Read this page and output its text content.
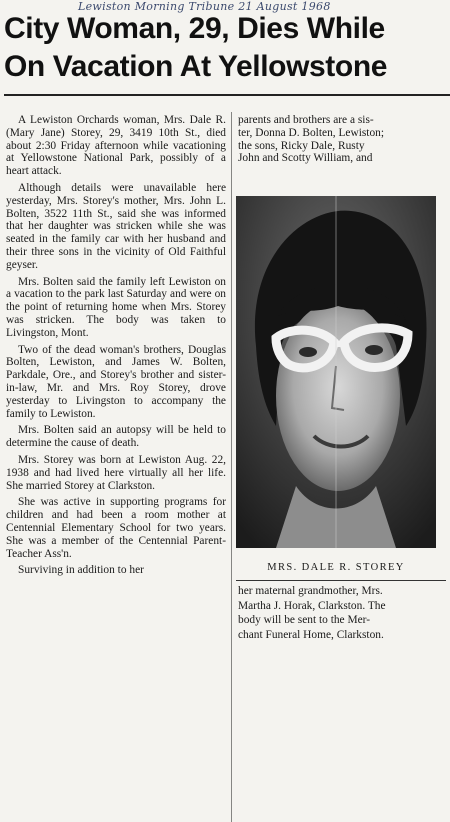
Lewiston Morning Tribune 21 August 1968
City Woman, 29, Dies While
On Vacation At Yellowstone

A Lewiston Orchards woman, Mrs. Dale R. (Mary Jane) Storey, 29, 3419 10th St., died about 2:30 Friday afternoon while vacationing at Yellowstone National Park, possibly of a heart attack.

Although details were unavailable here yesterday, Mrs. Storey's mother, Mrs. John L. Bolten, 3522 11th St., said she was informed that her daughter was stricken while she was seated in the family car with her husband and their three sons in the vicinity of Old Faithful geyser.

Mrs. Bolten said the family left Lewiston on a vacation to the park last Saturday and were on the point of returning home when Mrs. Storey was stricken. The body was taken to Livingston, Mont.

Two of the dead woman's brothers, Douglas Bolten, Lewiston, and James W. Bolten, Parkdale, Ore., and Storey's brother and sister-in-law, Mr. and Mrs. Roy Storey, drove yesterday to Livingston to accompany the family to Lewiston.

Mrs. Bolten said an autopsy will be held to determine the cause of death.

Mrs. Storey was born at Lewiston Aug. 22, 1938 and had lived here virtually all her life. She married Storey at Clarkston.

She was active in supporting programs for children and had been a room mother at Centennial Elementary School for two years. She was a member of the Centennial Parent-Teacher Ass'n.

Surviving in addition to her

parents and brothers are a sis-
ter, Donna D. Bolten, Lewiston;
the sons, Ricky Dale, Rusty
John and Scotty William, and
MRS. DALE R. STOREY
her maternal grandmother, Mrs.
Martha J. Horak, Clarkston. The
body will be sent to the Mer-
chant Funeral Home, Clarkston.
